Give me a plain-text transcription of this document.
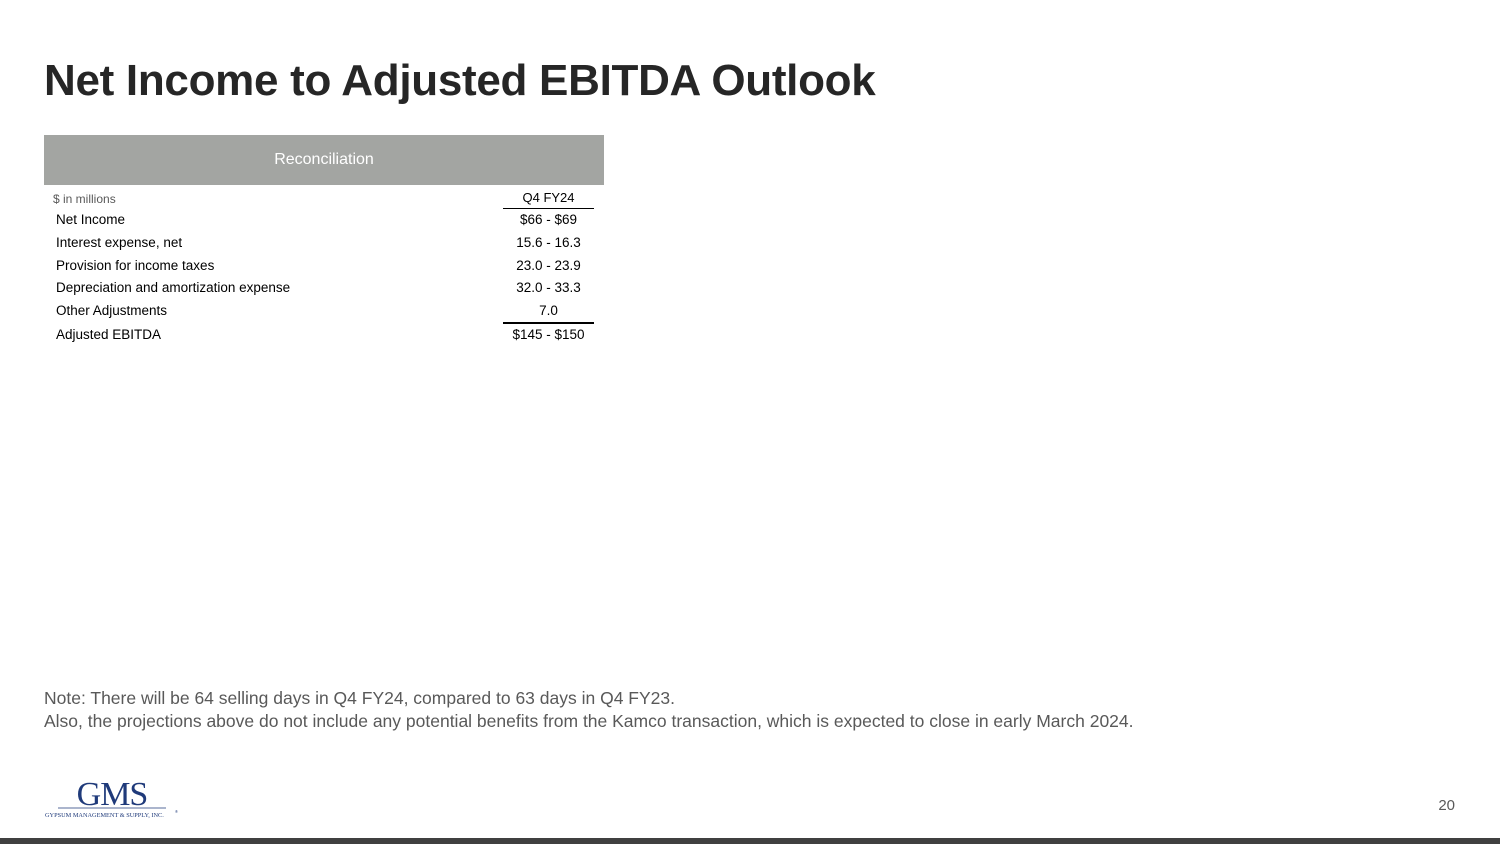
Net Income to Adjusted EBITDA Outlook
Reconciliation
$ in millions	Q4 FY24
Net Income	$66 - $69
Interest expense, net	15.6 - 16.3
Provision for income taxes	23.0 - 23.9
Depreciation and amortization expense	32.0 - 33.3
Other Adjustments	7.0
Adjusted EBITDA	$145 - $150
Note: There will be 64 selling days in Q4 FY24, compared to 63 days in Q4 FY23.
Also, the projections above do not include any potential benefits from the Kamco transaction, which is expected to close in early March 2024.
GMS
GYPSUM MANAGEMENT & SUPPLY, INC.
®	20
